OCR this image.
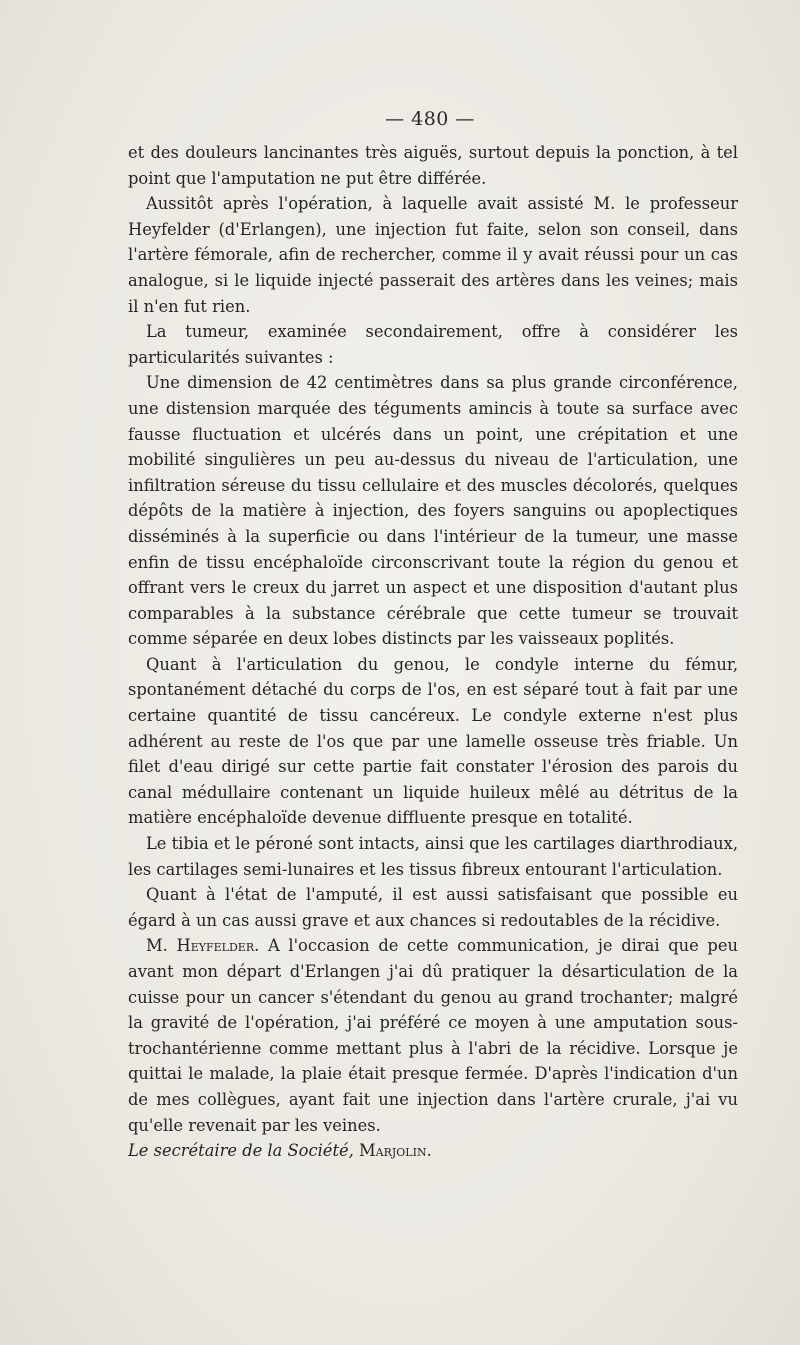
— 480 —

et des douleurs lancinantes très aiguës, surtout depuis la ponction, à tel point que l'amputation ne put être différée.

Aussitôt après l'opération, à laquelle avait assisté M. le professeur Heyfelder (d'Erlangen), une injection fut faite, selon son conseil, dans l'artère fémorale, afin de rechercher, comme il y avait réussi pour un cas analogue, si le liquide injecté passerait des artères dans les veines; mais il n'en fut rien.

La tumeur, examinée secondairement, offre à considérer les particularités suivantes :

Une dimension de 42 centimètres dans sa plus grande circonférence, une distension marquée des téguments amincis à toute sa surface avec fausse fluctuation et ulcérés dans un point, une crépitation et une mobilité singulières un peu au-dessus du niveau de l'articulation, une infiltration séreuse du tissu cellulaire et des muscles décolorés, quelques dépôts de la matière à injection, des foyers sanguins ou apoplectiques disséminés à la superficie ou dans l'intérieur de la tumeur, une masse enfin de tissu encéphaloïde circonscrivant toute la région du genou et offrant vers le creux du jarret un aspect et une disposition d'autant plus comparables à la substance cérébrale que cette tumeur se trouvait comme séparée en deux lobes distincts par les vaisseaux poplités.

Quant à l'articulation du genou, le condyle interne du fémur, spontanément détaché du corps de l'os, en est séparé tout à fait par une certaine quantité de tissu cancéreux. Le condyle externe n'est plus adhérent au reste de l'os que par une lamelle osseuse très friable. Un filet d'eau dirigé sur cette partie fait constater l'érosion des parois du canal médullaire contenant un liquide huileux mêlé au détritus de la matière encéphaloïde devenue diffluente presque en totalité.

Le tibia et le péroné sont intacts, ainsi que les cartilages diarthrodiaux, les cartilages semi-lunaires et les tissus fibreux entourant l'articulation.

Quant à l'état de l'amputé, il est aussi satisfaisant que possible eu égard à un cas aussi grave et aux chances si redoutables de la récidive.

M. Heyfelder. A l'occasion de cette communication, je dirai que peu avant mon départ d'Erlangen j'ai dû pratiquer la désarticulation de la cuisse pour un cancer s'étendant du genou au grand trochanter; malgré la gravité de l'opération, j'ai préféré ce moyen à une amputation sous-trochantérienne comme mettant plus à l'abri de la récidive. Lorsque je quittai le malade, la plaie était presque fermée. D'après l'indication d'un de mes collègues, ayant fait une injection dans l'artère crurale, j'ai vu qu'elle revenait par les veines.

Le secrétaire de la Société, Marjolin.
